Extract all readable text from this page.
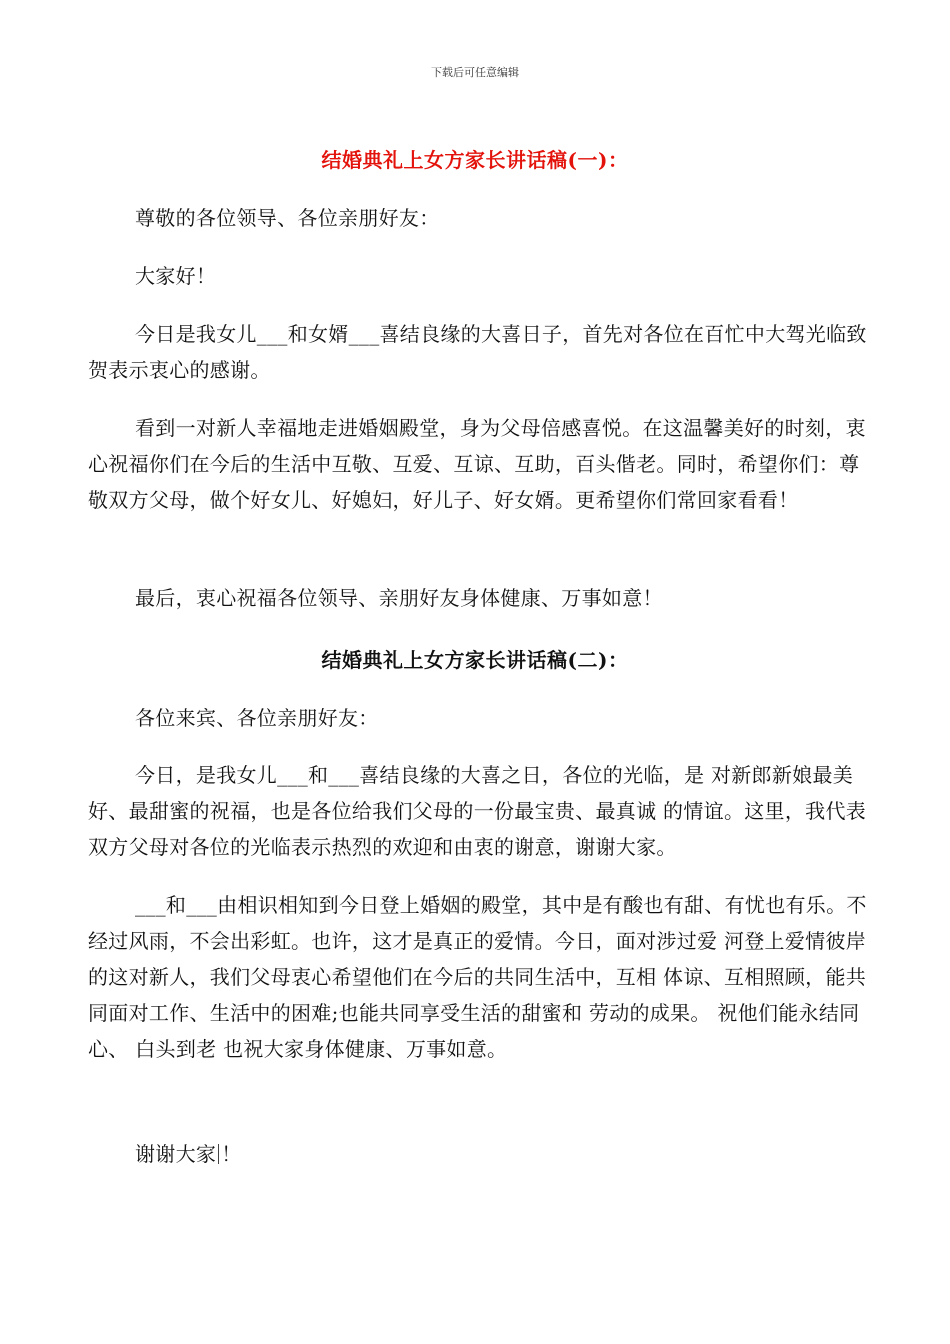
下载后可任意编辑
结婚典礼上女方家长讲话稿(一)：
尊敬的各位领导、各位亲朋好友：
大家好！
今日是我女儿___和女婿___喜结良缘的大喜日子，首先对各位在百忙中大驾光临致贺表示衷心的感谢。
看到一对新人幸福地走进婚姻殿堂，身为父母倍感喜悦。在这温馨美好的时刻，衷心祝福你们在今后的生活中互敬、互爱、互谅、互助，百头偕老。同时，希望你们：尊敬双方父母，做个好女儿、好媳妇，好儿子、好女婿。更希望你们常回家看看！
最后，衷心祝福各位领导、亲朋好友身体健康、万事如意！
结婚典礼上女方家长讲话稿(二)：
各位来宾、各位亲朋好友：
今日，是我女儿___和___喜结良缘的大喜之日，各位的光临，是 对新郎新娘最美好、最甜蜜的祝福，也是各位给我们父母的一份最宝贵、最真诚 的情谊。这里，我代表双方父母对各位的光临表示热烈的欢迎和由衷的谢意，谢谢大家。
___和___由相识相知到今日登上婚姻的殿堂，其中是有酸也有甜、有忧也有乐。不经过风雨，不会出彩虹。也许，这才是真正的爱情。今日，面对涉过爱 河登上爱情彼岸的这对新人，我们父母衷心希望他们在今后的共同生活中，互相 体谅、互相照顾，能共同面对工作、生活中的困难;也能共同享受生活的甜蜜和 劳动的成果。 祝他们能永结同心、 白头到老 也祝大家身体健康、万事如意。
谢谢大家 ！
